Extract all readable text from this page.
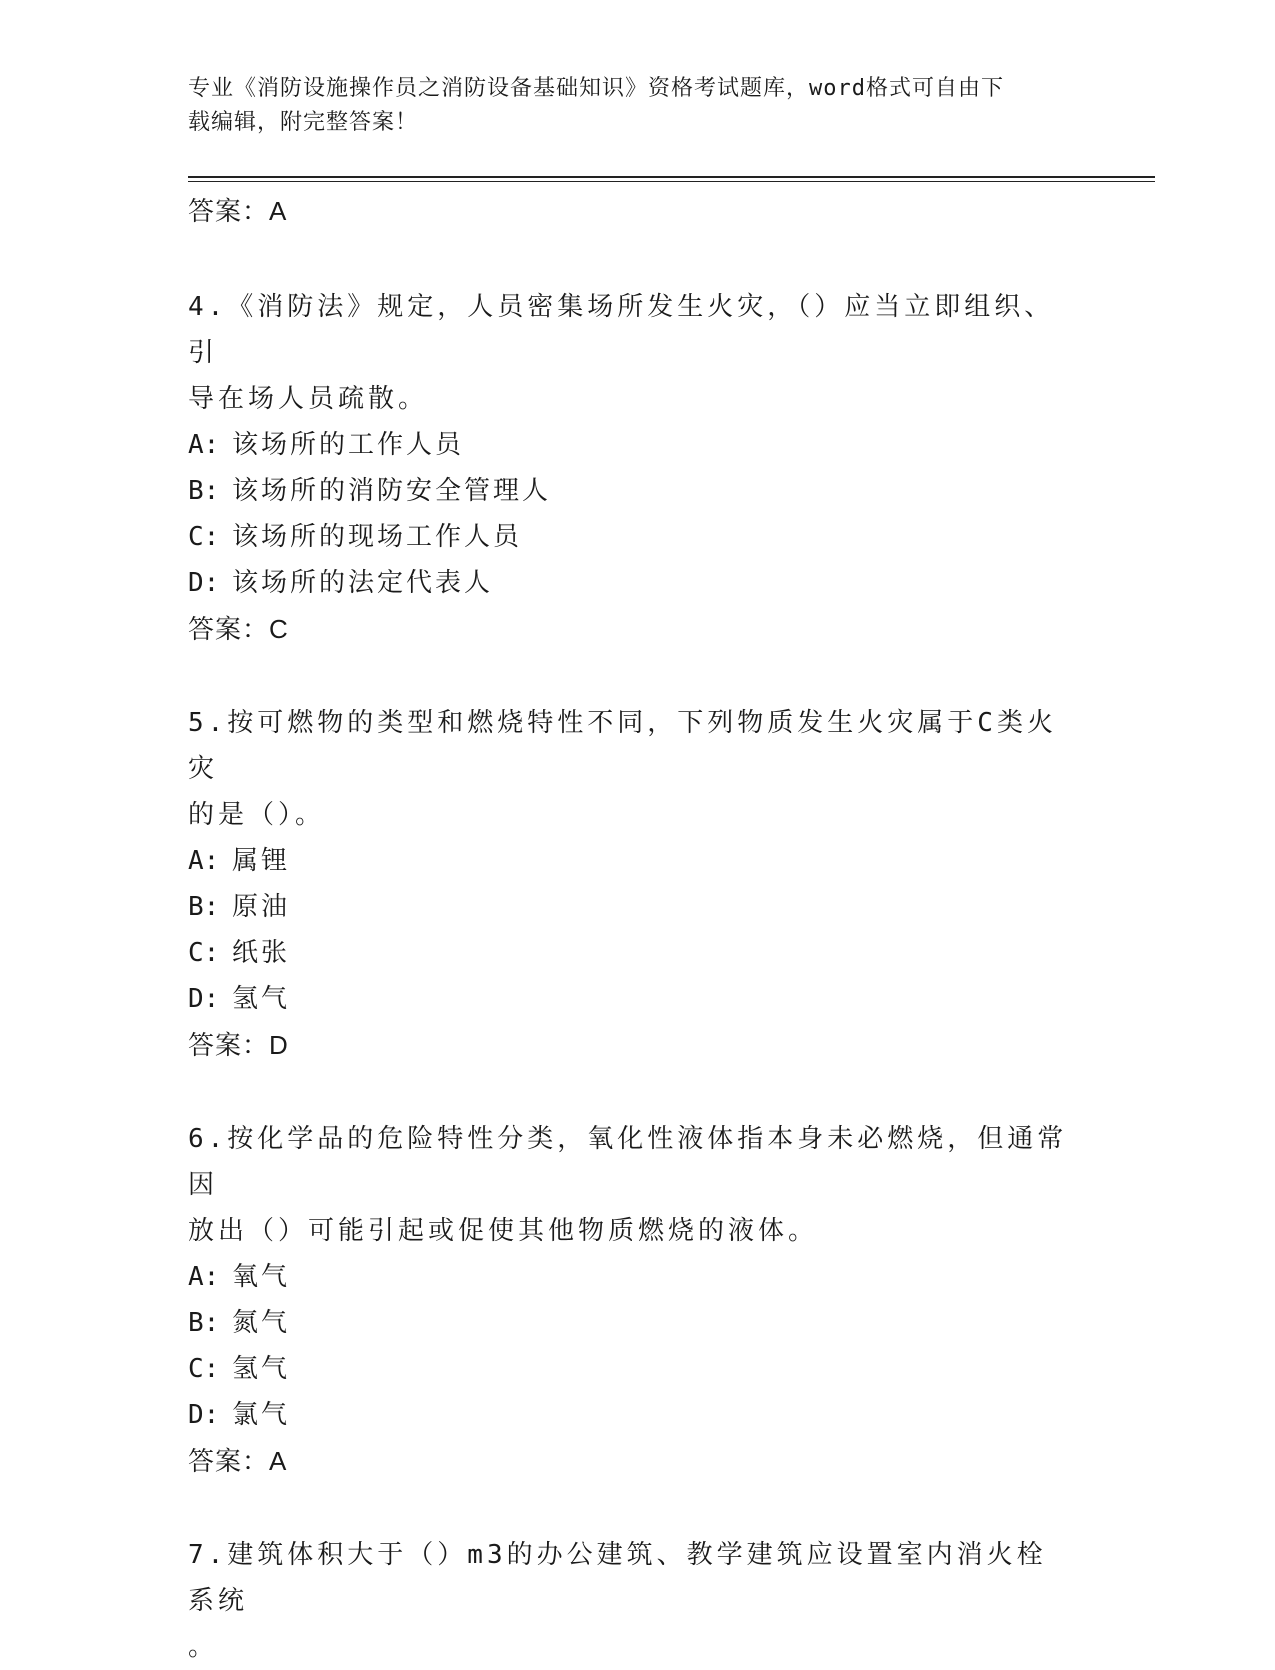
专业《消防设施操作员之消防设备基础知识》资格考试题库，word格式可自由下
载编辑，附完整答案！

答案：A

4.《消防法》规定，人员密集场所发生火灾，（）应当立即组织、引

导在场人员疏散。

A: 该场所的工作人员

B: 该场所的消防安全管理人

C: 该场所的现场工作人员

D: 该场所的法定代表人

答案：C

5.按可燃物的类型和燃烧特性不同，下列物质发生火灾属于C类火灾

的是（）。

A: 属锂

B: 原油

C: 纸张

D: 氢气

答案：D

6.按化学品的危险特性分类，氧化性液体指本身未必燃烧，但通常因

放出（）可能引起或促使其他物质燃烧的液体。

A: 氧气

B: 氮气

C: 氢气

D: 氯气

答案：A

7.建筑体积大于（）m3的办公建筑、教学建筑应设置室内消火栓系统

。
